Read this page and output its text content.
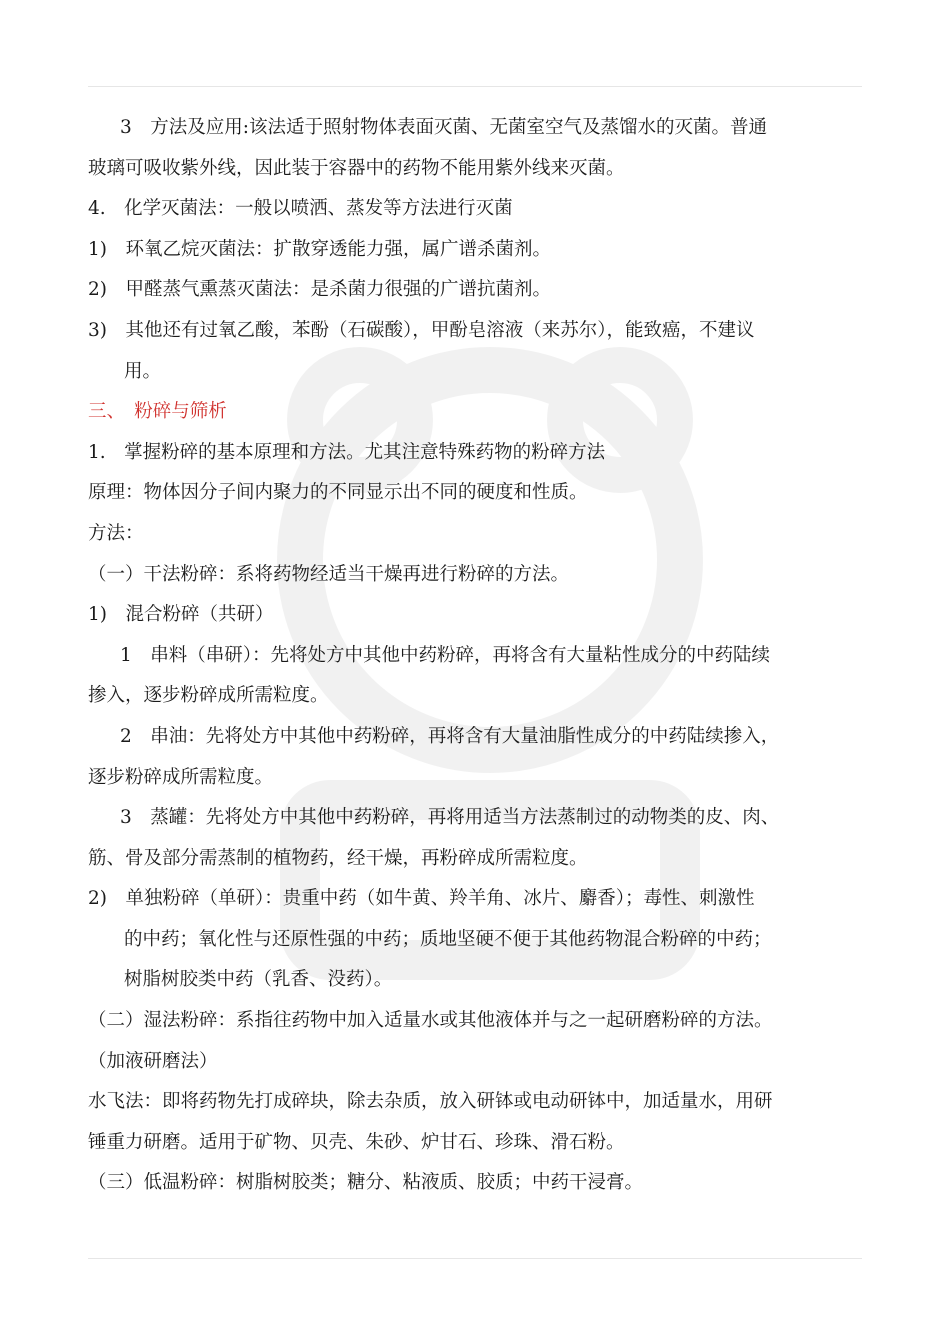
3　方法及应用:该法适于照射物体表面灭菌、无菌室空气及蒸馏水的灭菌。普通
玻璃可吸收紫外线，因此装于容器中的药物不能用紫外线来灭菌。
4.　化学灭菌法：一般以喷洒、蒸发等方法进行灭菌
1)　环氧乙烷灭菌法：扩散穿透能力强，属广谱杀菌剂。
2)　甲醛蒸气熏蒸灭菌法：是杀菌力很强的广谱抗菌剂。
3)　其他还有过氧乙酸，苯酚（石碳酸），甲酚皂溶液（来苏尔），能致癌，不建议
用。
三、　粉碎与筛析
1.　掌握粉碎的基本原理和方法。尤其注意特殊药物的粉碎方法
原理：物体因分子间内聚力的不同显示出不同的硬度和性质。
方法：
（一）干法粉碎：系将药物经适当干燥再进行粉碎的方法。
1)　混合粉碎（共研）
1　串料（串研）：先将处方中其他中药粉碎，再将含有大量粘性成分的中药陆续
掺入，逐步粉碎成所需粒度。
2　串油：先将处方中其他中药粉碎，再将含有大量油脂性成分的中药陆续掺入，
逐步粉碎成所需粒度。
3　蒸罐：先将处方中其他中药粉碎，再将用适当方法蒸制过的动物类的皮、肉、
筋、骨及部分需蒸制的植物药，经干燥，再粉碎成所需粒度。
2)　单独粉碎（单研）：贵重中药（如牛黄、羚羊角、冰片、麝香）；毒性、刺激性
的中药；氧化性与还原性强的中药；质地坚硬不便于其他药物混合粉碎的中药；
树脂树胶类中药（乳香、没药）。
（二）湿法粉碎：系指往药物中加入适量水或其他液体并与之一起研磨粉碎的方法。
（加液研磨法）
水飞法：即将药物先打成碎块，除去杂质，放入研钵或电动研钵中，加适量水，用研
锤重力研磨。适用于矿物、贝壳、朱砂、炉甘石、珍珠、滑石粉。
（三）低温粉碎：树脂树胶类；糖分、粘液质、胶质；中药干浸膏。
